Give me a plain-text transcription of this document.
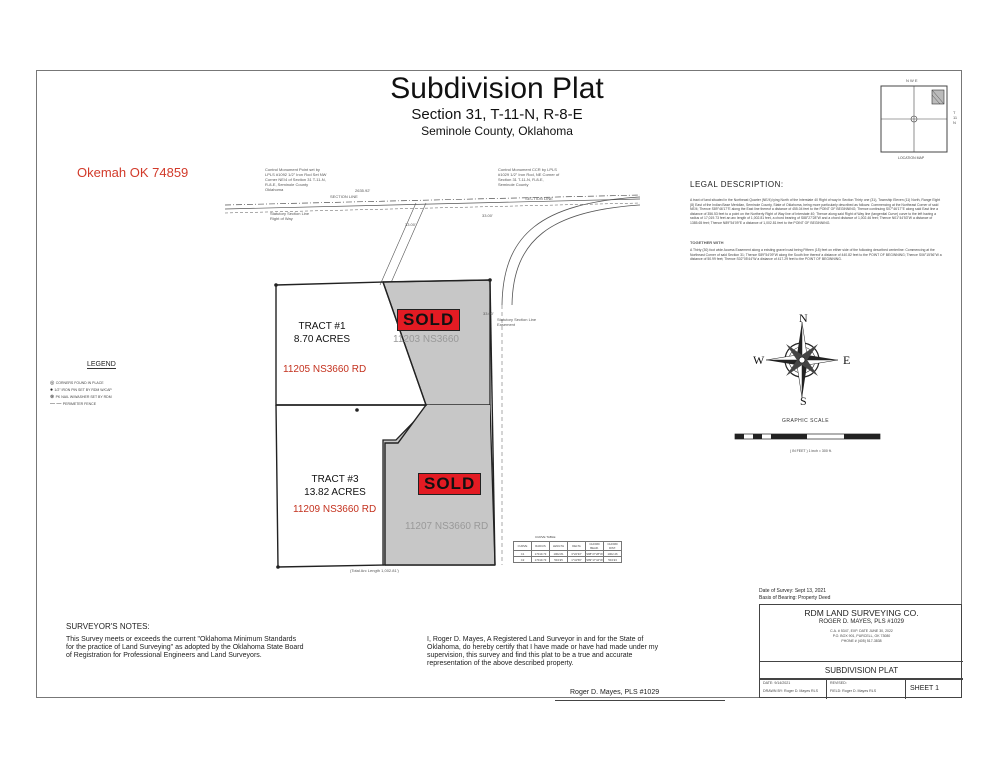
Subdivision Plat
Section 31, T-11-N, R-8-E
Seminole County, Oklahoma
Okemah OK 74859
N W E
T 11 N
LOCATION MAP
LEGAL DESCRIPTION:
A tract of land situated in the Northeast Quarter (NE/4) lying North of the Interstate 40 Right of way in Section Thirty one (31), Township Eleven (11) North, Range Eight (8) East of the Indian Base Meridian, Seminole County, State of Oklahoma, being more particularly described as follows: Commencing at the Northeast Corner of said NE/4; Thence S89°46'17"E along the East line thereof a distance of 455.04 feet to the POINT OF BEGINNING; Thence continuing S07°46'17"E along said East line a distance of 356.53 feet to a point on the Northerly Right of Way line of Interstate 40; Thence along said Right of Way line (tangential Curve) curve to the left having a radius of 17,019.73 feet an arc length of 1,002.81 feet, a chord bearing of S88°27'28"W and a chord distance of 1,002.46 feet; Thence N01°44'53"W a distance of 1385.65 feet; Thence N89°54'09"E a distance of 1,002.81 feet to the POINT OF BEGINNING.
TOGETHER WITH
A Thirty (30) foot wide Access Easement along a existing gravel road being Fifteen (15) feet on either side of the following described centerline: Commencing at the Northeast Corner of said Section 31; Thence S89°54'09"W along the South line thereof a distance of 440.82 feet to the POINT OF BEGINNING; Thence S06°15'56"W a distance of 50.99 feet; Thence S02°05'44"W a distance of 417.29 feet to the POINT OF BEGINNING.
Control Monument Point set by LPLS #1092 1/2" Iron Rod Set NW Corner NE/4 of Section 31 T-11-N, R-8-E, Seminole County Oklahoma
Control Monument CCR by LPLS #1029 1/2" Iron Rod, NE Corner of Section 31 T-11-N, R-8-E, Seminole County
SECTION LINE	SECTION LINE
2635.92'
Statutory Section Line Right of Way
Statutory Section Line Easement
33.00'
33.00'
33.00'
(Total Arc Length 1,002.81')
TRACT #1
8.70 ACRES
11205 NS3660 RD
TRACT #3
13.82 ACRES
11209 NS3660 RD
SOLD
11203 NS3660
SOLD
11207 NS3660 RD
LEGEND
◎ CORNERS FOUND IN PLACE
● 1/2" IRON PIN SET BY RDM W/CAP
⊗ PK NAIL W/WASHER SET BY RDM
— — PERIMETER FENCE
N
S
E
W
GRAPHIC SCALE
( IN FEET ) 1 inch = 300 ft.
CURVE TABLE
CURVE	RADIUS	LENGTH	DELTA	CHORD BEAR.	CHORD DIST.
C1	17019.73	1002.81	3°22'33"	S88°27'28"W	1002.46
C2	17019.73	504.95	1°41'59"	S89°17'44"W	504.93
SURVEYOR'S NOTES:
This Survey meets or exceeds the current "Oklahoma Minimum Standards for the practice of Land Surveying" as adopted by the Oklahoma State Board of Registration for Professional Engineers and Land Surveyors.
I, Roger D. Mayes, A Registered Land Surveyor in and for the State of Oklahoma, do hereby certify that I have made or have had made under my supervision, this survey and find this plat to be a true and accurate representation of the above described property.
Roger D. Mayes, PLS #1029
Date of Survey: Sept 13, 2021
Basis of Bearing: Property Deed
RDM LAND SURVEYING CO.
ROGER D. MAYES, PLS #1029
C.A. # 5347, EXP. DATE JUNE 30, 2022
P.O. BOX 901, PURCELL, OK 73080
PHONE # (405) 517-3838
SUBDIVISION PLAT
DATE: 9/14/2021
DRAWN BY: Roger D. Mayes RLS
REVISED:
FIELD: Roger D. Mayes RLS	SHEET 1
